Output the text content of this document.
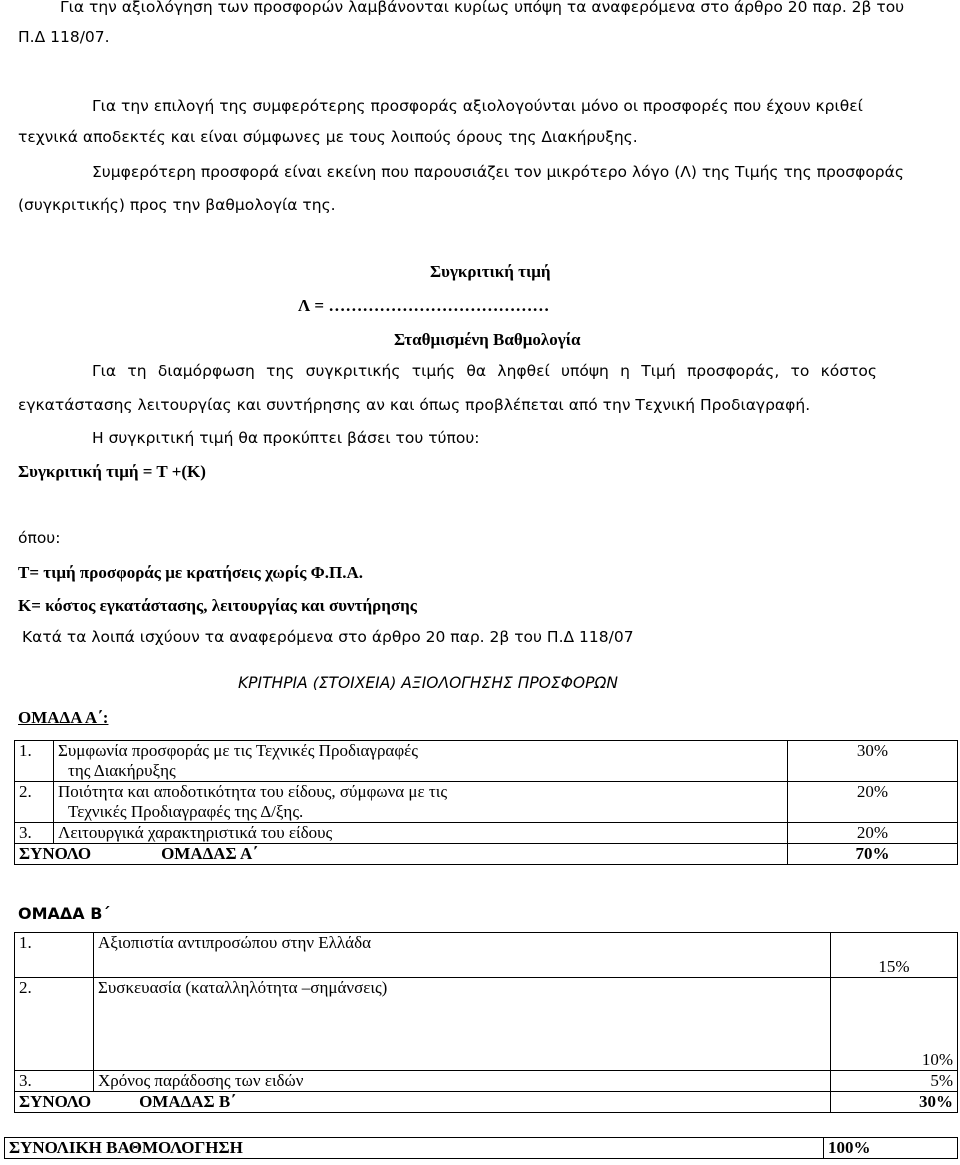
Για την αξιολόγηση των προσφορών λαμβάνονται κυρίως υπόψη τα αναφερόμενα στο άρθρο 20 παρ. 2β του
Π.Δ 118/07.
Για την επιλογή της συμφερότερης προσφοράς αξιολογούνται μόνο οι προσφορές που έχουν κριθεί
τεχνικά αποδεκτές και είναι σύμφωνες με τους λοιπούς όρους της Διακήρυξης.
Συμφερότερη προσφορά είναι εκείνη που παρουσιάζει τον μικρότερο λόγο (Λ) της Τιμής της προσφοράς
(συγκριτικής) προς την βαθμολογία της.
Συγκριτική τιμή
Λ = …………………………………
Σταθμισμένη Βαθμολογία
Για τη διαμόρφωση της συγκριτικής τιμής θα ληφθεί υπόψη η Τιμή προσφοράς, το κόστος
εγκατάστασης λειτουργίας και συντήρησης αν και όπως προβλέπεται από την Τεχνική Προδιαγραφή.
Η συγκριτική τιμή θα προκύπτει βάσει του τύπου:
Συγκριτική τιμή = Τ +(Κ)
όπου:
Τ= τιμή προσφοράς με κρατήσεις χωρίς Φ.Π.Α.
Κ= κόστος εγκατάστασης, λειτουργίας και συντήρησης
Κατά τα λοιπά ισχύουν τα αναφερόμενα στο άρθρο 20 παρ. 2β του Π.Δ 118/07
ΚΡΙΤΗΡΙΑ (ΣΤΟΙΧΕΙΑ) ΑΞΙΟΛΟΓΗΣΗΣ ΠΡΟΣΦΟΡΩΝ
ΟΜΑΔΑ Α΄:
1.	Συμφωνία προσφοράς με τις Τεχνικές Προδιαγραφές
της Διακήρυξης	30%
2.	Ποιότητα και αποδοτικότητα του είδους, σύμφωνα με τις
Τεχνικές Προδιαγραφές της Δ/ξης.	20%
3.	Λειτουργικά χαρακτηριστικά του είδους	20%
ΣΥΝΟΛΟ ΟΜΑΔΑΣ Α΄		70%
ΟΜΑΔΑ Β΄
1.	Αξιοπιστία αντιπροσώπου στην Ελλάδα	15%
2.	Συσκευασία (καταλληλότητα –σημάνσεις)	10%
3.	Χρόνος παράδοσης των ειδών	5%
ΣΥΝΟΛΟ ΟΜΑΔΑΣ Β΄		30%
ΣΥΝΟΛΙΚΗ ΒΑΘΜΟΛΟΓΗΣΗ	100%
